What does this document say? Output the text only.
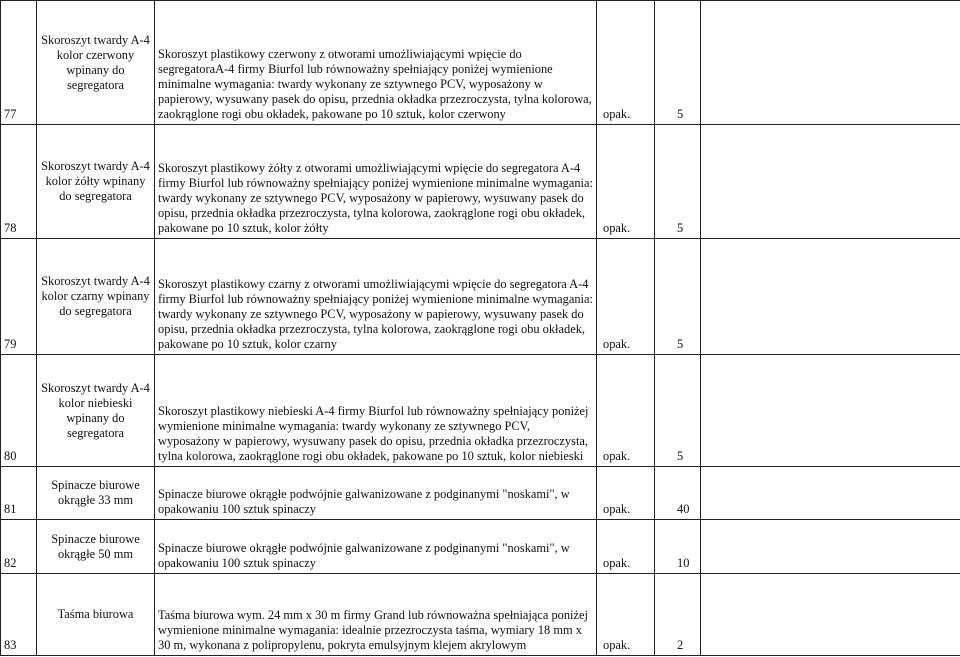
77	Skoroszyt twardy A-4 kolor czerwony wpinany do segregatora	Skoroszyt plastikowy czerwony z otworami umożliwiającymi wpięcie do segregatoraA-4 firmy Biurfol lub równoważny spełniający poniżej wymienione minimalne wymagania: twardy wykonany ze sztywnego PCV, wyposażony w papierowy, wysuwany pasek do opisu, przednia okładka przezroczysta, tylna kolorowa, zaokrąglone rogi obu okładek, pakowane po 10 sztuk, kolor czerwony	opak.	5	
78	Skoroszyt twardy A-4 kolor żółty wpinany do segregatora	Skoroszyt plastikowy żółty z otworami umożliwiającymi wpięcie do segregatora A-4 firmy Biurfol lub równoważny spełniający poniżej wymienione minimalne wymagania: twardy wykonany ze sztywnego PCV, wyposażony w papierowy, wysuwany pasek do opisu, przednia okładka przezroczysta, tylna kolorowa, zaokrąglone rogi obu okładek, pakowane po 10 sztuk, kolor żółty	opak.	5	
79	Skoroszyt twardy A-4 kolor czarny wpinany do segregatora	Skoroszyt plastikowy czarny z otworami umożliwiającymi wpięcie do segregatora A-4 firmy Biurfol lub równoważny spełniający poniżej wymienione minimalne wymagania: twardy wykonany ze sztywnego PCV, wyposażony w papierowy, wysuwany pasek do opisu, przednia okładka przezroczysta, tylna kolorowa, zaokrąglone rogi obu okładek, pakowane po 10 sztuk, kolor czarny	opak.	5	
80	Skoroszyt twardy A-4 kolor niebieski wpinany do segregatora	Skoroszyt plastikowy niebieski A-4 firmy Biurfol lub równoważny spełniający poniżej wymienione minimalne wymagania: twardy wykonany ze sztywnego PCV, wyposażony w papierowy, wysuwany pasek do opisu, przednia okładka przezroczysta, tylna kolorowa, zaokrąglone rogi obu okładek, pakowane po 10 sztuk, kolor niebieski	opak.	5	
81	Spinacze biurowe okrągłe 33 mm	Spinacze biurowe okrągłe podwójnie galwanizowane z podginanymi "noskami", w opakowaniu 100 sztuk spinaczy	opak.	40	
82	Spinacze biurowe okrągłe 50 mm	Spinacze biurowe okrągłe podwójnie galwanizowane z podginanymi "noskami", w opakowaniu 100 sztuk spinaczy	opak.	10	
83	Taśma biurowa	Taśma biurowa wym. 24 mm x 30 m firmy Grand lub równoważna spełniająca poniżej wymienione minimalne wymagania: idealnie przezroczysta taśma, wymiary 18 mm x 30 m, wykonana z polipropylenu, pokryta emulsyjnym klejem akrylowym	opak.	2	
